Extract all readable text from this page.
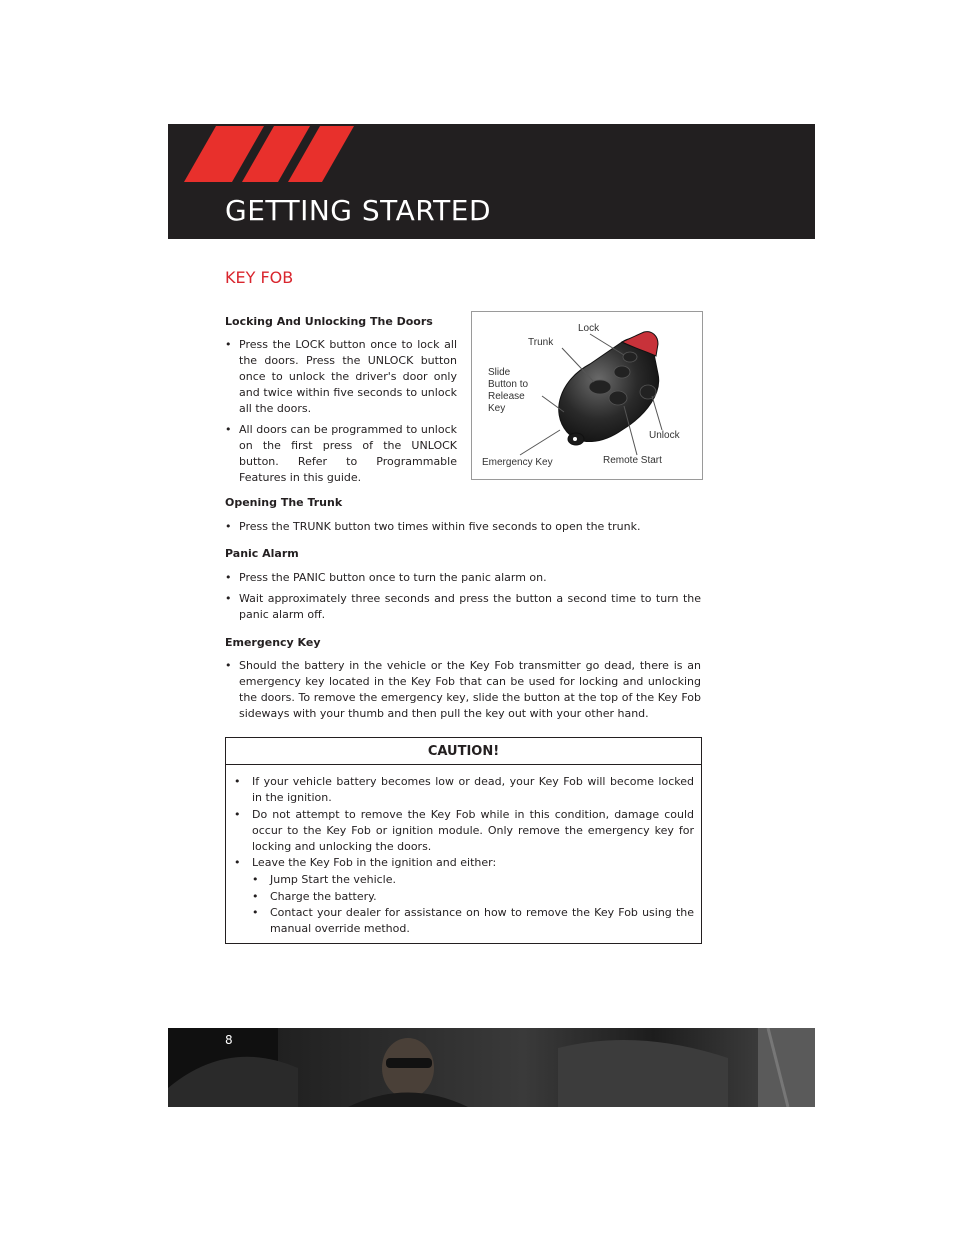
GETTING STARTED
KEY FOB
Locking And Unlocking The Doors
• Press the LOCK button once to lock all the doors. Press the UNLOCK button once to unlock the driver's door only and twice within five seconds to unlock all the doors.
• All doors can be programmed to unlock on the first press of the UNLOCK button. Refer to Programmable Features in this guide.
Lock
Trunk
Slide
Button to
Release
Key
Unlock
Emergency Key	Remote Start
Opening The Trunk
• Press the TRUNK button two times within five seconds to open the trunk.
Panic Alarm
• Press the PANIC button once to turn the panic alarm on.
• Wait approximately three seconds and press the button a second time to turn the panic alarm off.
Emergency Key
• Should the battery in the vehicle or the Key Fob transmitter go dead, there is an emergency key located in the Key Fob that can be used for locking and unlocking the doors. To remove the emergency key, slide the button at the top of the Key Fob sideways with your thumb and then pull the key out with your other hand.
CAUTION!
• If your vehicle battery becomes low or dead, your Key Fob will become locked in the ignition.
• Do not attempt to remove the Key Fob while in this condition, damage could occur to the Key Fob or ignition module. Only remove the emergency key for locking and unlocking the doors.
• Leave the Key Fob in the ignition and either:
• Jump Start the vehicle.
• Charge the battery.
• Contact your dealer for assistance on how to remove the Key Fob using the manual override method.
8
